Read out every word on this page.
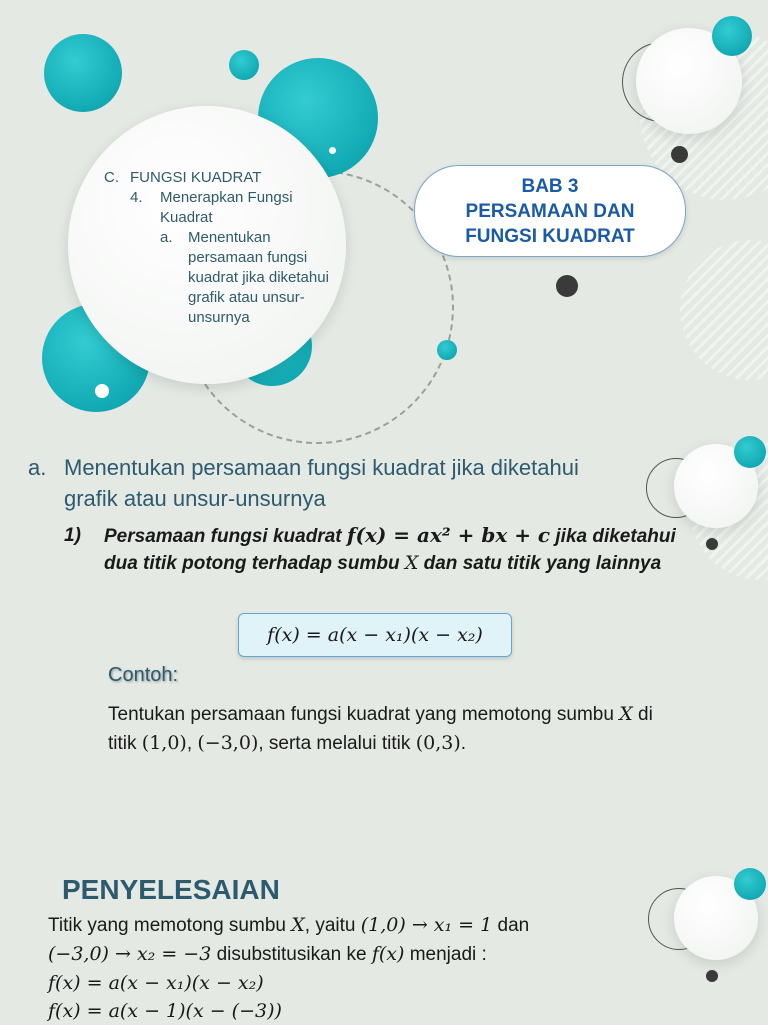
C. FUNGSI KUADRAT
4.	Menerapkan Fungsi Kuadrat
a.	Menentukan persamaan fungsi kuadrat jika diketahui grafik atau unsur-unsurnya
BAB 3
PERSAMAAN DAN
FUNGSI KUADRAT
a. Menentukan persamaan fungsi kuadrat jika diketahui grafik atau unsur-unsurnya
1)	Persamaan fungsi kuadrat f(x) = ax² + bx + c jika diketahui dua titik potong terhadap sumbu X dan satu titik yang lainnya
f(x) = a(x − x₁)(x − x₂)
Contoh:
Tentukan persamaan fungsi kuadrat yang memotong sumbu X di titik (1,0), (−3,0), serta melalui titik (0,3).
PENYELESAIAN
Titik yang memotong sumbu X, yaitu (1,0) → x₁ = 1 dan
(−3,0) → x₂ = −3 disubstitusikan ke f(x) menjadi :
f(x) = a(x − x₁)(x − x₂)
f(x) = a(x − 1)(x − (−3))
